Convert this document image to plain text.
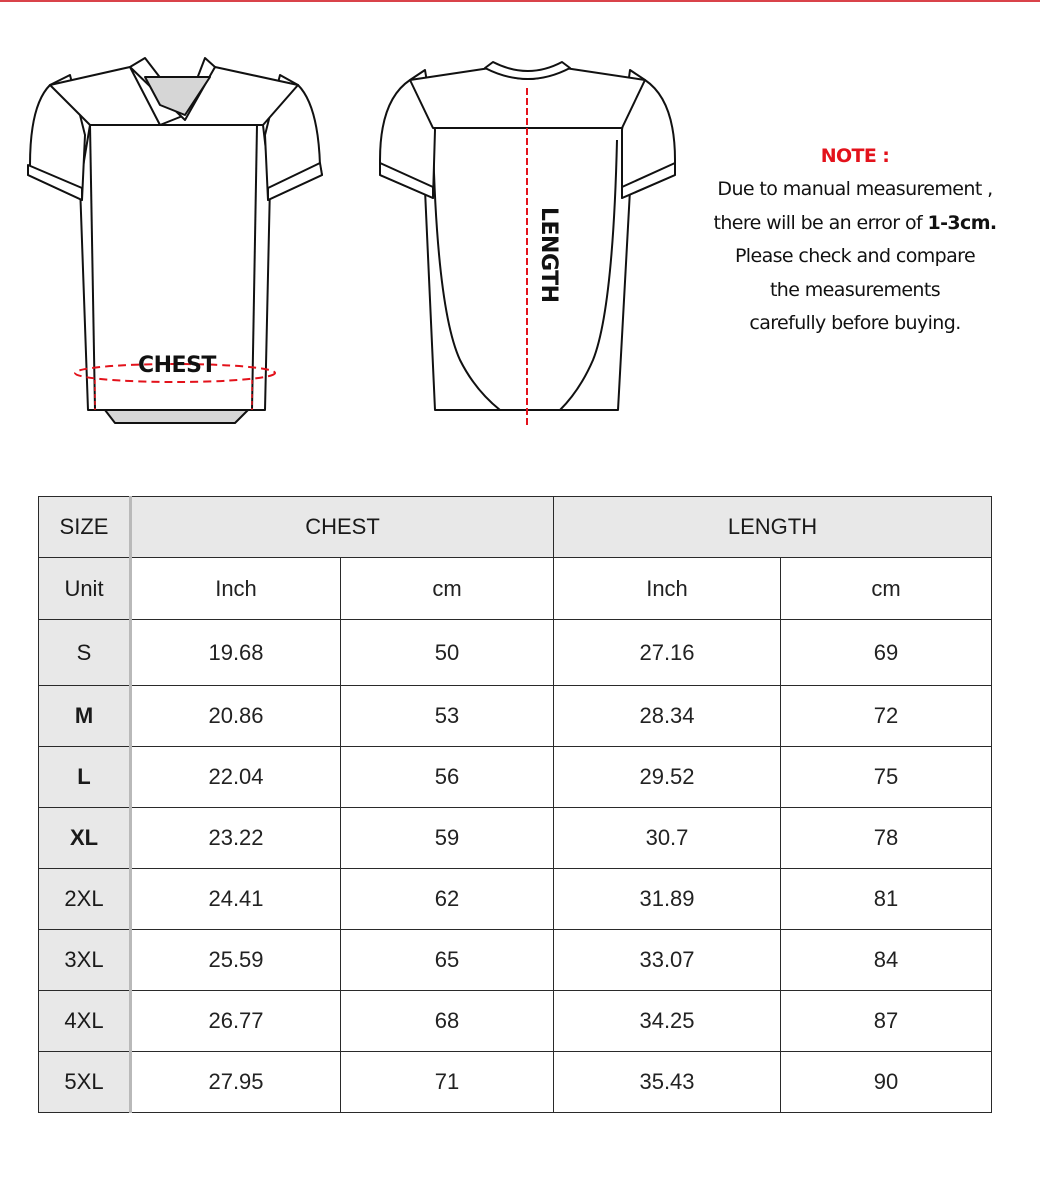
CHEST
LENGTH
NOTE :
Due to manual measurement ,
there will be an error of 1-3cm.
Please check and compare
the measurements
carefully before buying.
SIZE	CHEST		LENGTH	
Unit	Inch	cm	Inch	cm
S	19.68	50	27.16	69
M	20.86	53	28.34	72
L	22.04	56	29.52	75
XL	23.22	59	30.7	78
2XL	24.41	62	31.89	81
3XL	25.59	65	33.07	84
4XL	26.77	68	34.25	87
5XL	27.95	71	35.43	90
